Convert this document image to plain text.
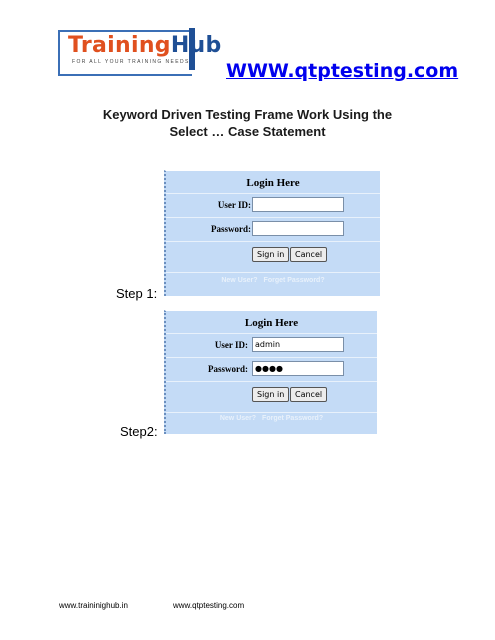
TrainingHub
FOR ALL YOUR TRAINING NEEDS WWW.qtptesting.com
Keyword Driven Testing Frame Work Using the
Select … Case Statement
Login Here
User ID:
Password:
Sign in	Cancel
New User? Forget Password?
Step 1:
Login Here
User ID: admin
Password: ●●●●
Sign in	Cancel
New User? Forget Password?
Step2:
www.traininighub.in	www.qtptesting.com
